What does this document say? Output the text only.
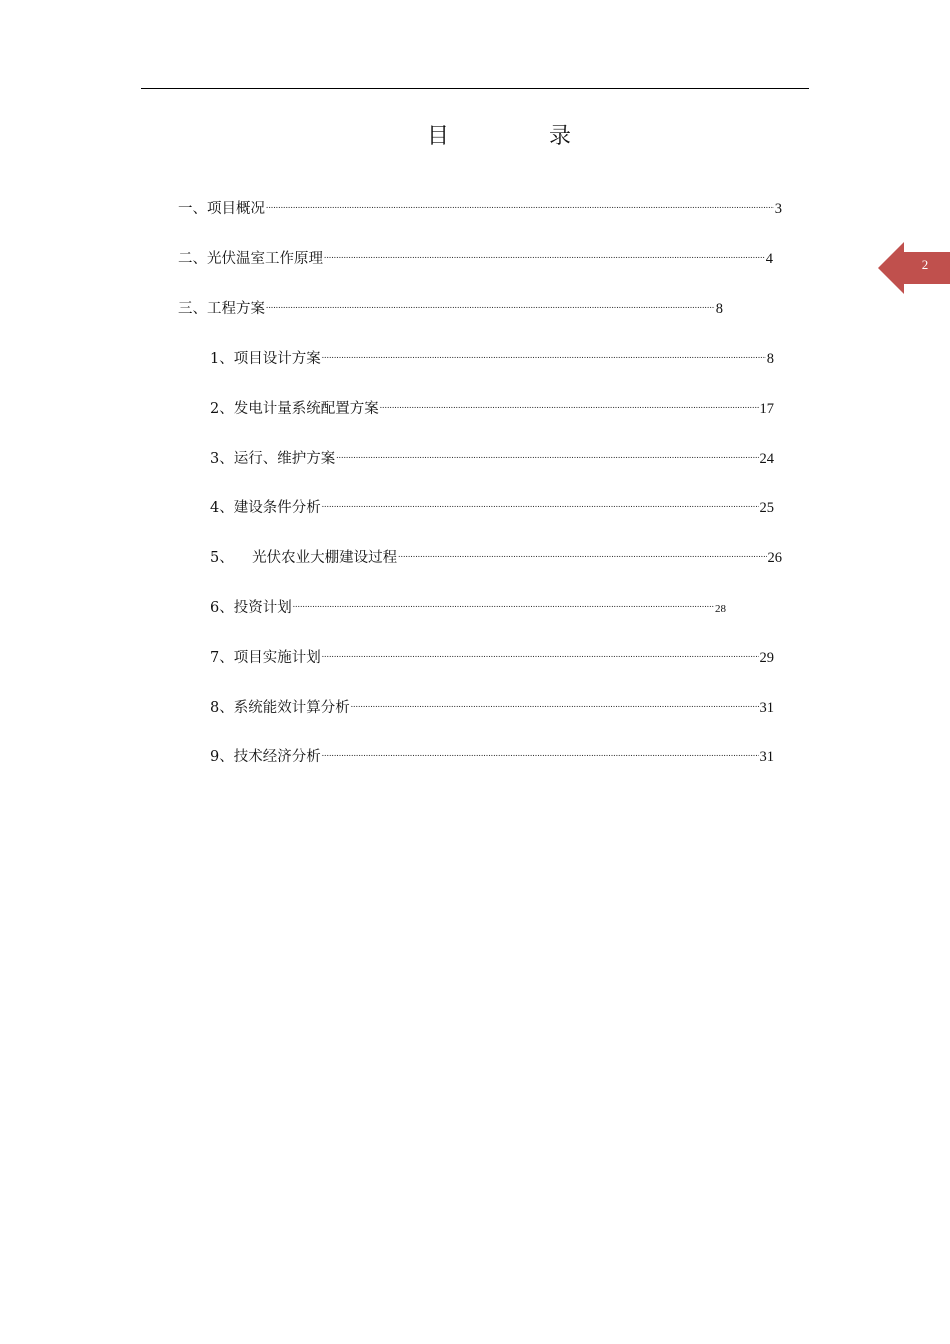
目	录
一、项目概况 .....	3
二、光伏温室工作原理 .....	4
三、工程方案 .....	8
1、项目设计方案 .....	8
2、发电计量系统配置方案 .....	17
3、运行、维护方案 .....	24
4、建设条件分析 .....	25
5、    光伏农业大棚建设过程 .....	26
6、投资计划 .....	28
7、项目实施计划 .....	29
8、系统能效计算分析 .....	31
9、技术经济分析 .....	31
2
